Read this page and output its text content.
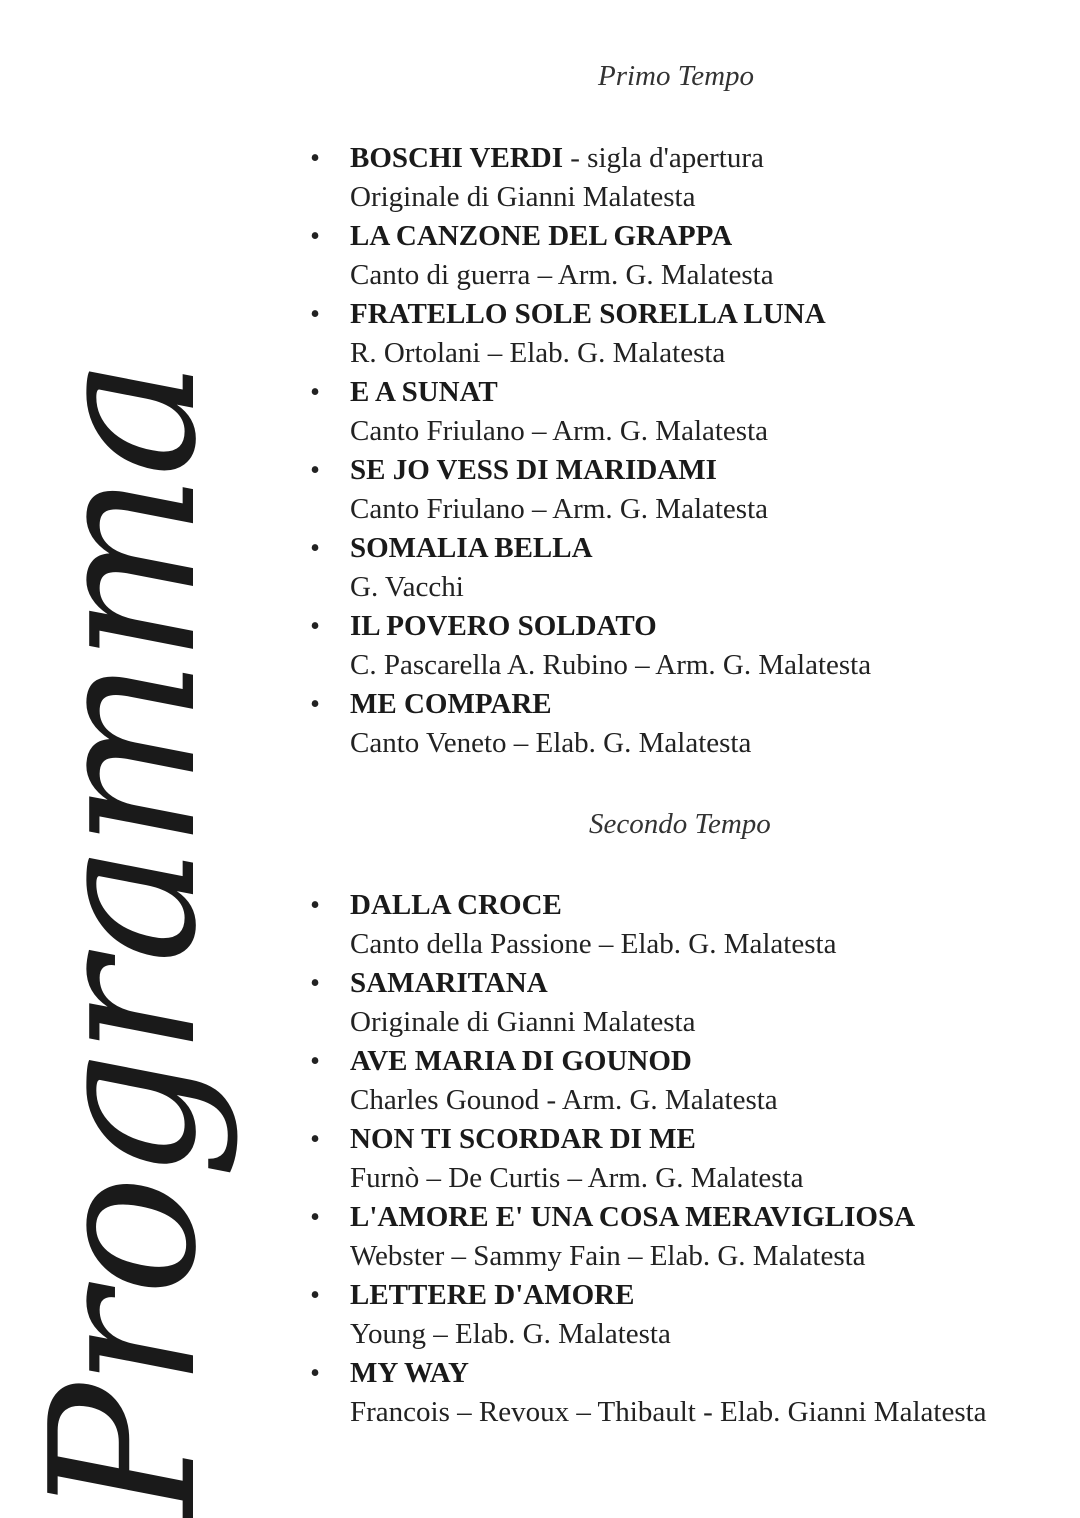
Programma
Primo Tempo
• BOSCHI VERDI - sigla d'apertura
Originale di Gianni Malatesta
• LA CANZONE DEL GRAPPA
Canto di guerra – Arm. G. Malatesta
• FRATELLO SOLE SORELLA LUNA
R. Ortolani – Elab. G. Malatesta
• E A SUNAT
Canto Friulano – Arm. G. Malatesta
• SE JO VESS DI MARIDAMI
Canto Friulano – Arm. G. Malatesta
• SOMALIA BELLA
G. Vacchi
• IL POVERO SOLDATO
C. Pascarella A. Rubino – Arm. G. Malatesta
• ME COMPARE
Canto Veneto – Elab. G. Malatesta
Secondo Tempo
• DALLA CROCE
Canto della Passione – Elab. G. Malatesta
• SAMARITANA
Originale di Gianni Malatesta
• AVE MARIA DI GOUNOD
Charles Gounod - Arm. G. Malatesta
• NON TI SCORDAR DI ME
Furnò – De Curtis – Arm. G. Malatesta
• L'AMORE E' UNA COSA MERAVIGLIOSA
Webster – Sammy Fain – Elab. G. Malatesta
• LETTERE D'AMORE
Young – Elab. G. Malatesta
• MY WAY
Francois – Revoux – Thibault - Elab. Gianni Malatesta
